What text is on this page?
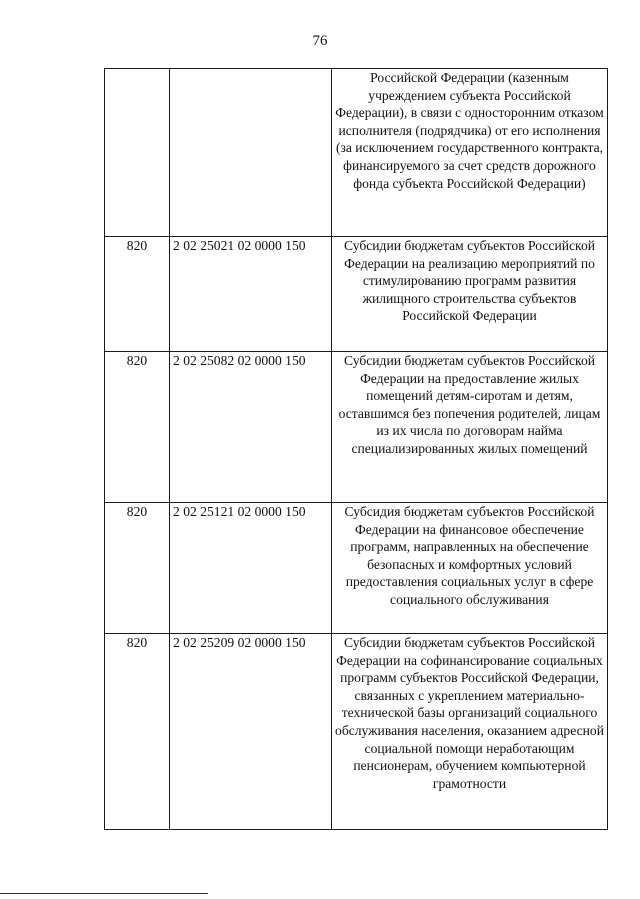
76
		Российской Федерации (казенным учреждением субъекта Российской Федерации), в связи с односторонним отказом исполнителя (подрядчика) от его исполнения (за исключением государственного контракта, финансируемого за счет средств дорожного фонда субъекта Российской Федерации)
820	2 02 25021 02 0000 150	Субсидии бюджетам субъектов Российской Федерации на реализацию мероприятий по стимулированию программ развития жилищного строительства субъектов Российской Федерации
820	2 02 25082 02 0000 150	Субсидии бюджетам субъектов Российской Федерации на предоставление жилых помещений детям-сиротам и детям, оставшимся без попечения родителей, лицам из их числа по договорам найма специализированных жилых помещений
820	2 02 25121 02 0000 150	Субсидия бюджетам субъектов Российской Федерации на финансовое обеспечение программ, направленных на обеспечение безопасных и комфортных условий предоставления социальных услуг в сфере социального обслуживания
820	2 02 25209 02 0000 150	Субсидии бюджетам субъектов Российской Федерации на софинансирование социальных программ субъектов Российской Федерации, связанных с укреплением материально-технической базы организаций социального обслуживания населения, оказанием адресной социальной помощи неработающим пенсионерам, обучением компьютерной грамотности
